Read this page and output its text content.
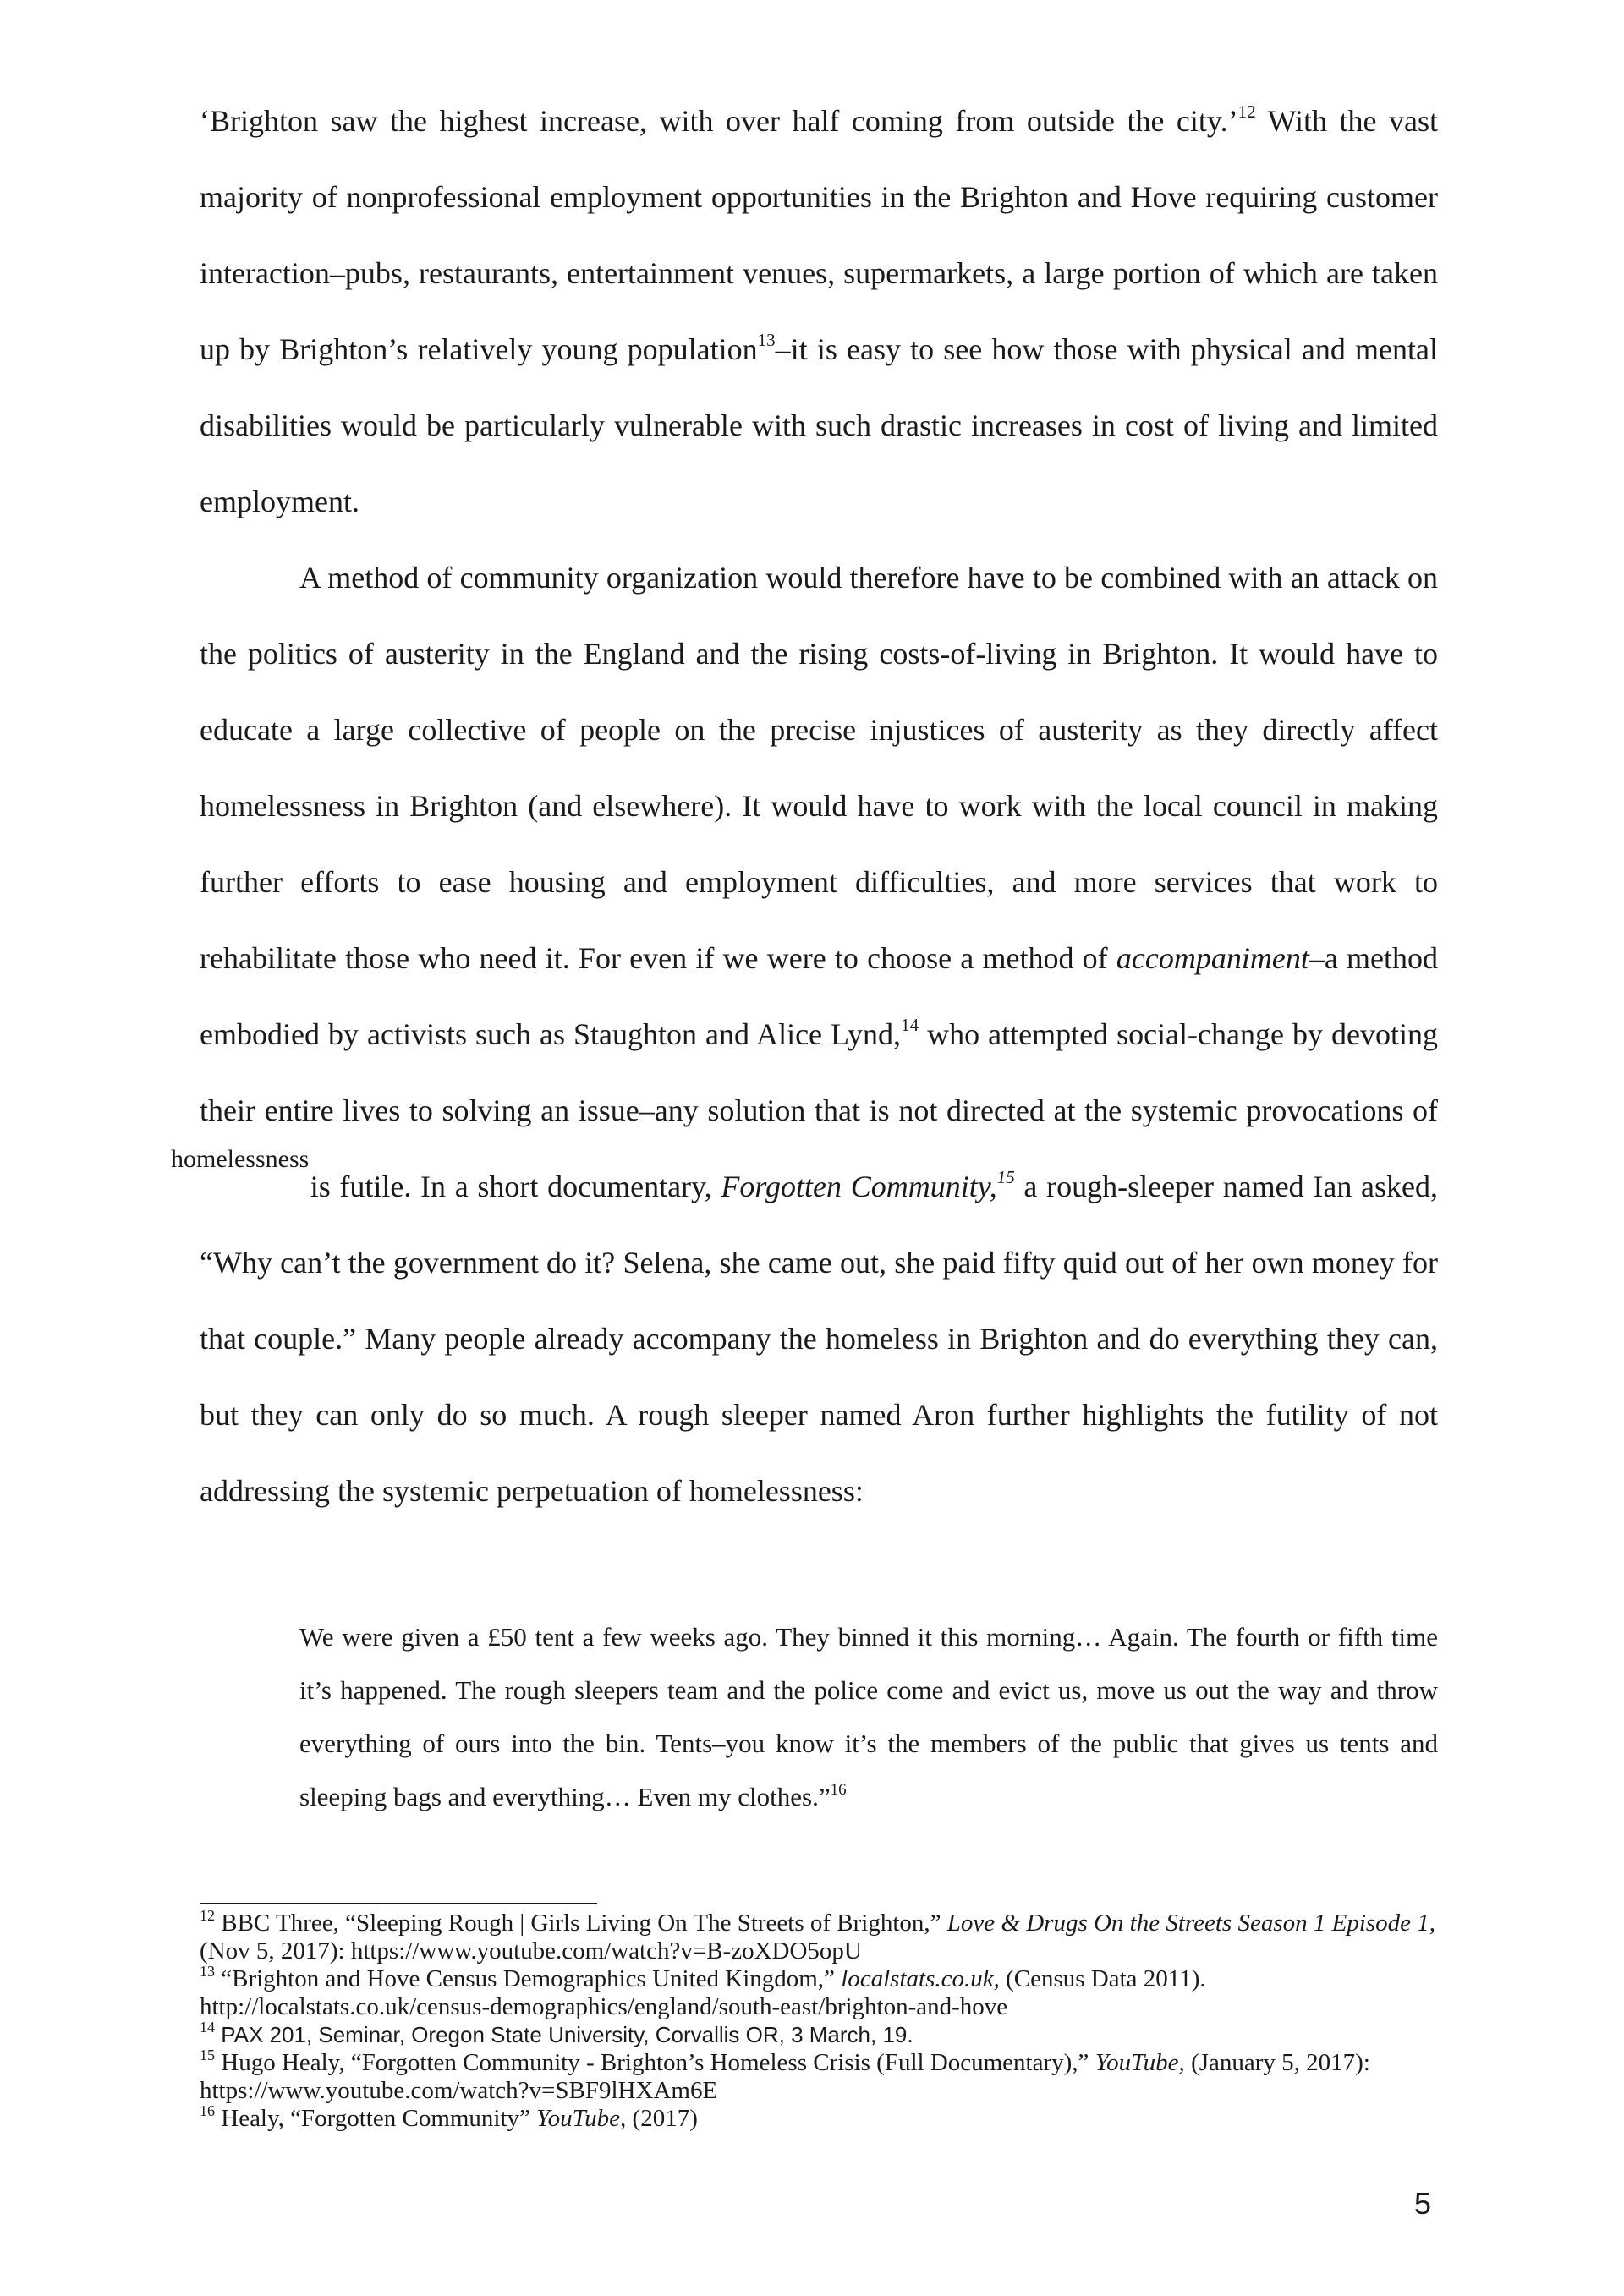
‘Brighton saw the highest increase, with over half coming from outside the city.’$^{12}$ With the vast majority of nonprofessional employment opportunities in the Brighton and Hove requiring customer interaction–pubs, restaurants, entertainment venues, supermarkets, a large portion of which are taken up by Brighton’s relatively young population$^{13}$–it is easy to see how those with physical and mental disabilities would be particularly vulnerable with such drastic increases in cost of living and limited employment.

A method of community organization would therefore have to be combined with an attack on the politics of austerity in the England and the rising costs-of-living in Brighton. It would have to educate a large collective of people on the precise injustices of austerity as they directly affect homelessness in Brighton (and elsewhere). It would have to work with the local council in making further efforts to ease housing and employment difficulties, and more services that work to rehabilitate those who need it. For even if we were to choose a method of accompaniment–a method embodied by activists such as Staughton and Alice Lynd,$^{14}$ who attempted social-change by devoting their entire lives to solving an issue–any solution that is not directed at the systemic provocations of
homelessness
is futile. In a short documentary, Forgotten Community,$^{15}$ a rough-sleeper named Ian asked, “Why can’t the government do it? Selena, she came out, she paid fifty quid out of her own money for that couple.” Many people already accompany the homeless in Brighton and do everything they can, but they can only do so much. A rough sleeper named Aron further highlights the futility of not addressing the systemic perpetuation of homelessness:

We were given a £50 tent a few weeks ago. They binned it this morning… Again. The fourth or fifth time it’s happened. The rough sleepers team and the police come and evict us, move us out the way and throw everything of ours into the bin. Tents–you know it’s the members of the public that gives us tents and sleeping bags and everything… Even my clothes.”$^{16}$

$^{12}$ BBC Three, “Sleeping Rough | Girls Living On The Streets of Brighton,” Love & Drugs On the Streets Season 1 Episode 1, (Nov 5, 2017): https://www.youtube.com/watch?v=B-zoXDO5opU

$^{13}$ “Brighton and Hove Census Demographics United Kingdom,” localstats.co.uk, (Census Data 2011). http://localstats.co.uk/census-demographics/england/south-east/brighton-and-hove

$^{14}$ PAX 201, Seminar, Oregon State University, Corvallis OR, 3 March, 19.

$^{15}$ Hugo Healy, “Forgotten Community - Brighton’s Homeless Crisis (Full Documentary),” YouTube, (January 5, 2017): https://www.youtube.com/watch?v=SBF9lHXAm6E

$^{16}$ Healy, “Forgotten Community” YouTube, (2017)

5
